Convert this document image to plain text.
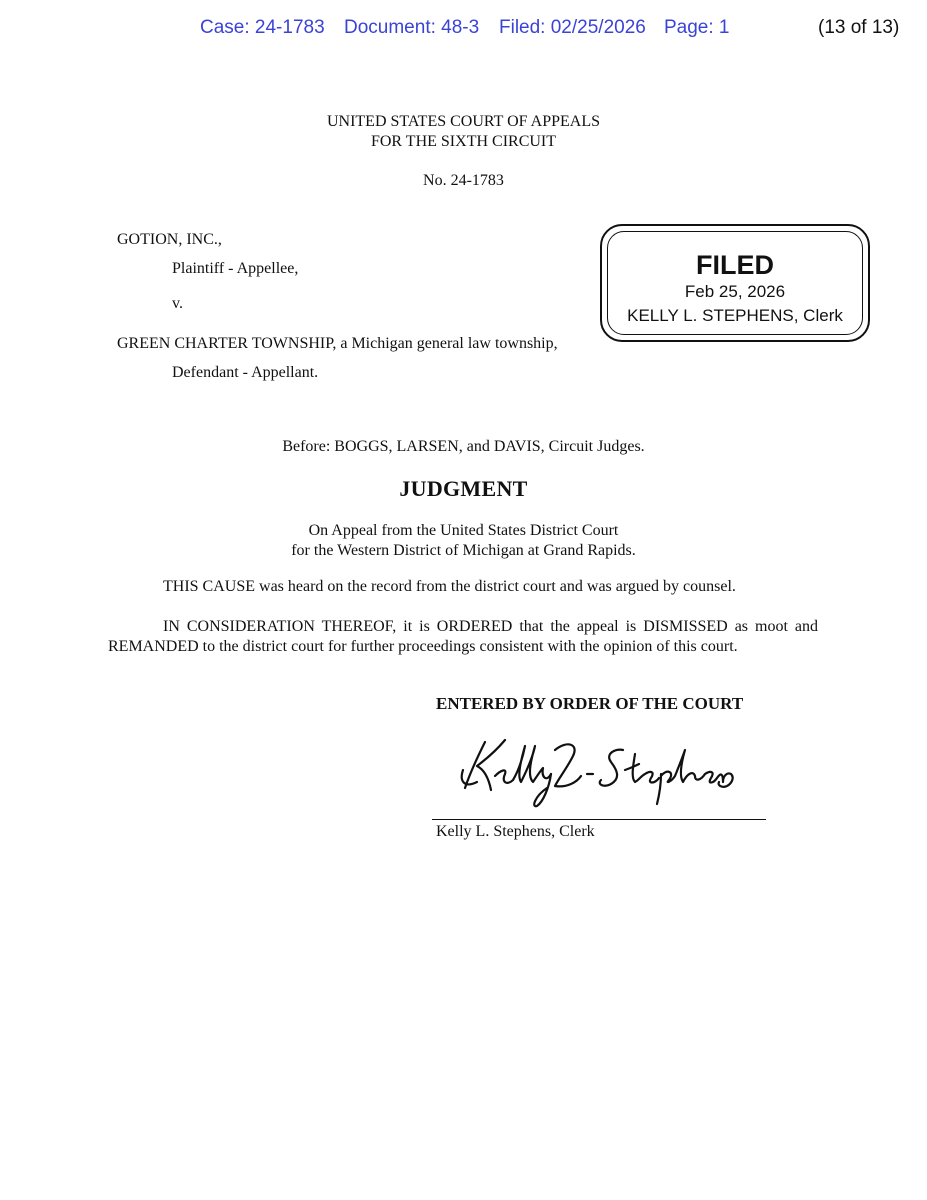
Case: 24-1783 Document: 48-3 Filed: 02/25/2026 Page: 1	(13 of 13)
UNITED STATES COURT OF APPEALS
FOR THE SIXTH CIRCUIT
No. 24-1783
GOTION, INC.,
Plaintiff - Appellee,
v.
GREEN CHARTER TOWNSHIP, a Michigan general law township,
Defendant - Appellant.
FILED
Feb 25, 2026
KELLY L. STEPHENS, Clerk
Before: BOGGS, LARSEN, and DAVIS, Circuit Judges.
JUDGMENT
On Appeal from the United States District Court
for the Western District of Michigan at Grand Rapids.
THIS CAUSE was heard on the record from the district court and was argued by counsel.
IN CONSIDERATION THEREOF, it is ORDERED that the appeal is DISMISSED as moot and
REMANDED to the district court for further proceedings consistent with the opinion of this court.
ENTERED BY ORDER OF THE COURT
Kelly L. Stephens, Clerk
